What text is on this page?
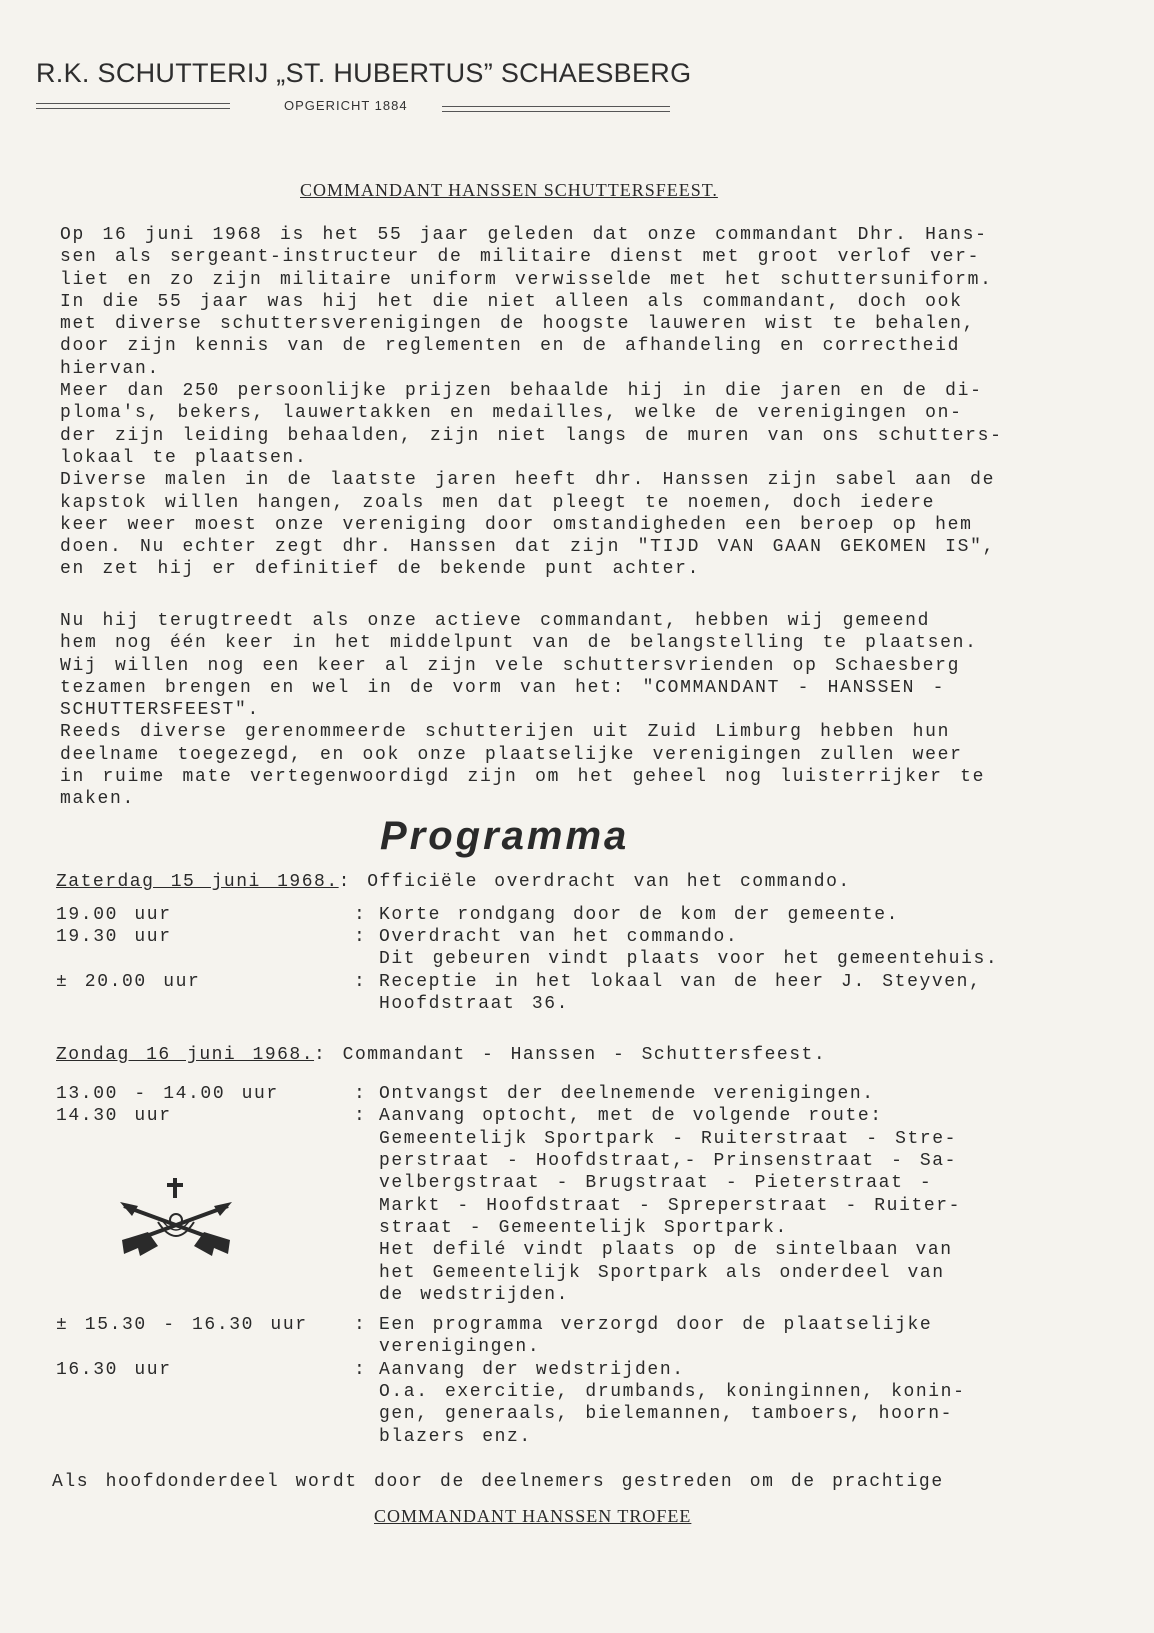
R.K. SCHUTTERIJ „ST. HUBERTUS” SCHAESBERG
OPGERICHT 1884
COMMANDANT HANSSEN SCHUTTERSFEEST.
Op 16 juni 1968 is het 55 jaar geleden dat onze commandant Dhr. Hans-
sen als sergeant-instructeur de militaire dienst met groot verlof ver-
liet en zo zijn militaire uniform verwisselde met het schuttersuniform.
In die 55 jaar was hij het die niet alleen als commandant, doch ook
met diverse schuttersverenigingen de hoogste lauweren wist te behalen,
door zijn kennis van de reglementen en de afhandeling en correctheid
hiervan.
Meer dan 250 persoonlijke prijzen behaalde hij in die jaren en de di-
ploma's, bekers, lauwertakken en medailles, welke de verenigingen on-
der zijn leiding behaalden, zijn niet langs de muren van ons schutters-
lokaal te plaatsen.
Diverse malen in de laatste jaren heeft dhr. Hanssen zijn sabel aan de
kapstok willen hangen, zoals men dat pleegt te noemen, doch iedere
keer weer moest onze vereniging door omstandigheden een beroep op hem
doen. Nu echter zegt dhr. Hanssen dat zijn "TIJD VAN GAAN GEKOMEN IS",
en zet hij er definitief de bekende punt achter.
Nu hij terugtreedt als onze actieve commandant, hebben wij gemeend
hem nog één keer in het middelpunt van de belangstelling te plaatsen.
Wij willen nog een keer al zijn vele schuttersvrienden op Schaesberg
tezamen brengen en wel in de vorm van het: "COMMANDANT - HANSSEN -
SCHUTTERSFEEST".
Reeds diverse gerenommeerde schutterijen uit Zuid Limburg hebben hun
deelname toegezegd, en ook onze plaatselijke verenigingen zullen weer
in ruime mate vertegenwoordigd zijn om het geheel nog luisterrijker te
maken.
Programma
Zaterdag 15 juni 1968.: Officiële overdracht van het commando.
19.00 uur	: Korte rondgang door de kom der gemeente.
19.30 uur	: Overdracht van het commando.
Dit gebeuren vindt plaats voor het gemeentehuis.
± 20.00 uur	: Receptie in het lokaal van de heer J. Steyven,
Hoofdstraat 36.
Zondag 16 juni 1968.: Commandant - Hanssen - Schuttersfeest.
13.00 - 14.00 uur	: Ontvangst der deelnemende verenigingen.
14.30 uur	: Aanvang optocht, met de volgende route:
Gemeentelijk Sportpark - Ruiterstraat - Stre-
perstraat - Hoofdstraat,- Prinsenstraat - Sa-
velbergstraat - Brugstraat - Pieterstraat -
Markt - Hoofdstraat - Spreperstraat - Ruiter-
straat - Gemeentelijk Sportpark.
Het defilé vindt plaats op de sintelbaan van
het Gemeentelijk Sportpark als onderdeel van
de wedstrijden.
± 15.30 - 16.30 uur	: Een programma verzorgd door de plaatselijke
verenigingen.
16.30 uur	: Aanvang der wedstrijden.
O.a. exercitie, drumbands, koninginnen, konin-
gen, generaals, bielemannen, tamboers, hoorn-
blazers enz.
Als hoofdonderdeel wordt door de deelnemers gestreden om de prachtige
COMMANDANT HANSSEN TROFEE
